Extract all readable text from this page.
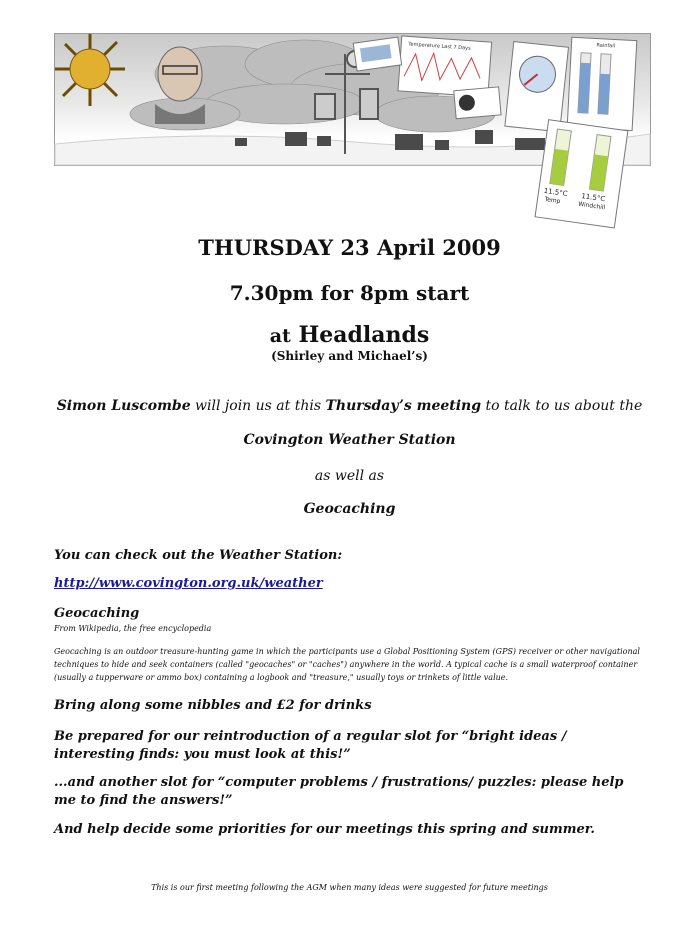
Temperature Last 7 Days	Rainfall
11.5°C
Temp	11.5°C
Windchill
THURSDAY 23 April 2009
7.30pm for 8pm start
at Headlands
(Shirley and Michael’s)
Simon Luscombe will join us at this Thursday’s meeting to talk to us about the
Covington Weather Station
as well as
Geocaching
You can check out the Weather Station:
http://www.covington.org.uk/weather
Geocaching
From Wikipedia, the free encyclopedia
Geocaching is an outdoor treasure-hunting game in which the participants use a Global Positioning System (GPS) receiver or other navigational techniques to hide and seek containers (called "geocaches" or "caches") anywhere in the world. A typical cache is a small waterproof container (usually a tupperware or ammo box) containing a logbook and "treasure," usually toys or trinkets of little value.
Bring along some nibbles and £2 for drinks
Be prepared for our reintroduction of a regular slot for “bright ideas / interesting finds: you must look at this!”
...and another slot for “computer problems / frustrations/ puzzles: please help me to find the answers!”
And help decide some priorities for our meetings this spring and summer.
This is our first meeting following the AGM when many ideas were suggested for future meetings
